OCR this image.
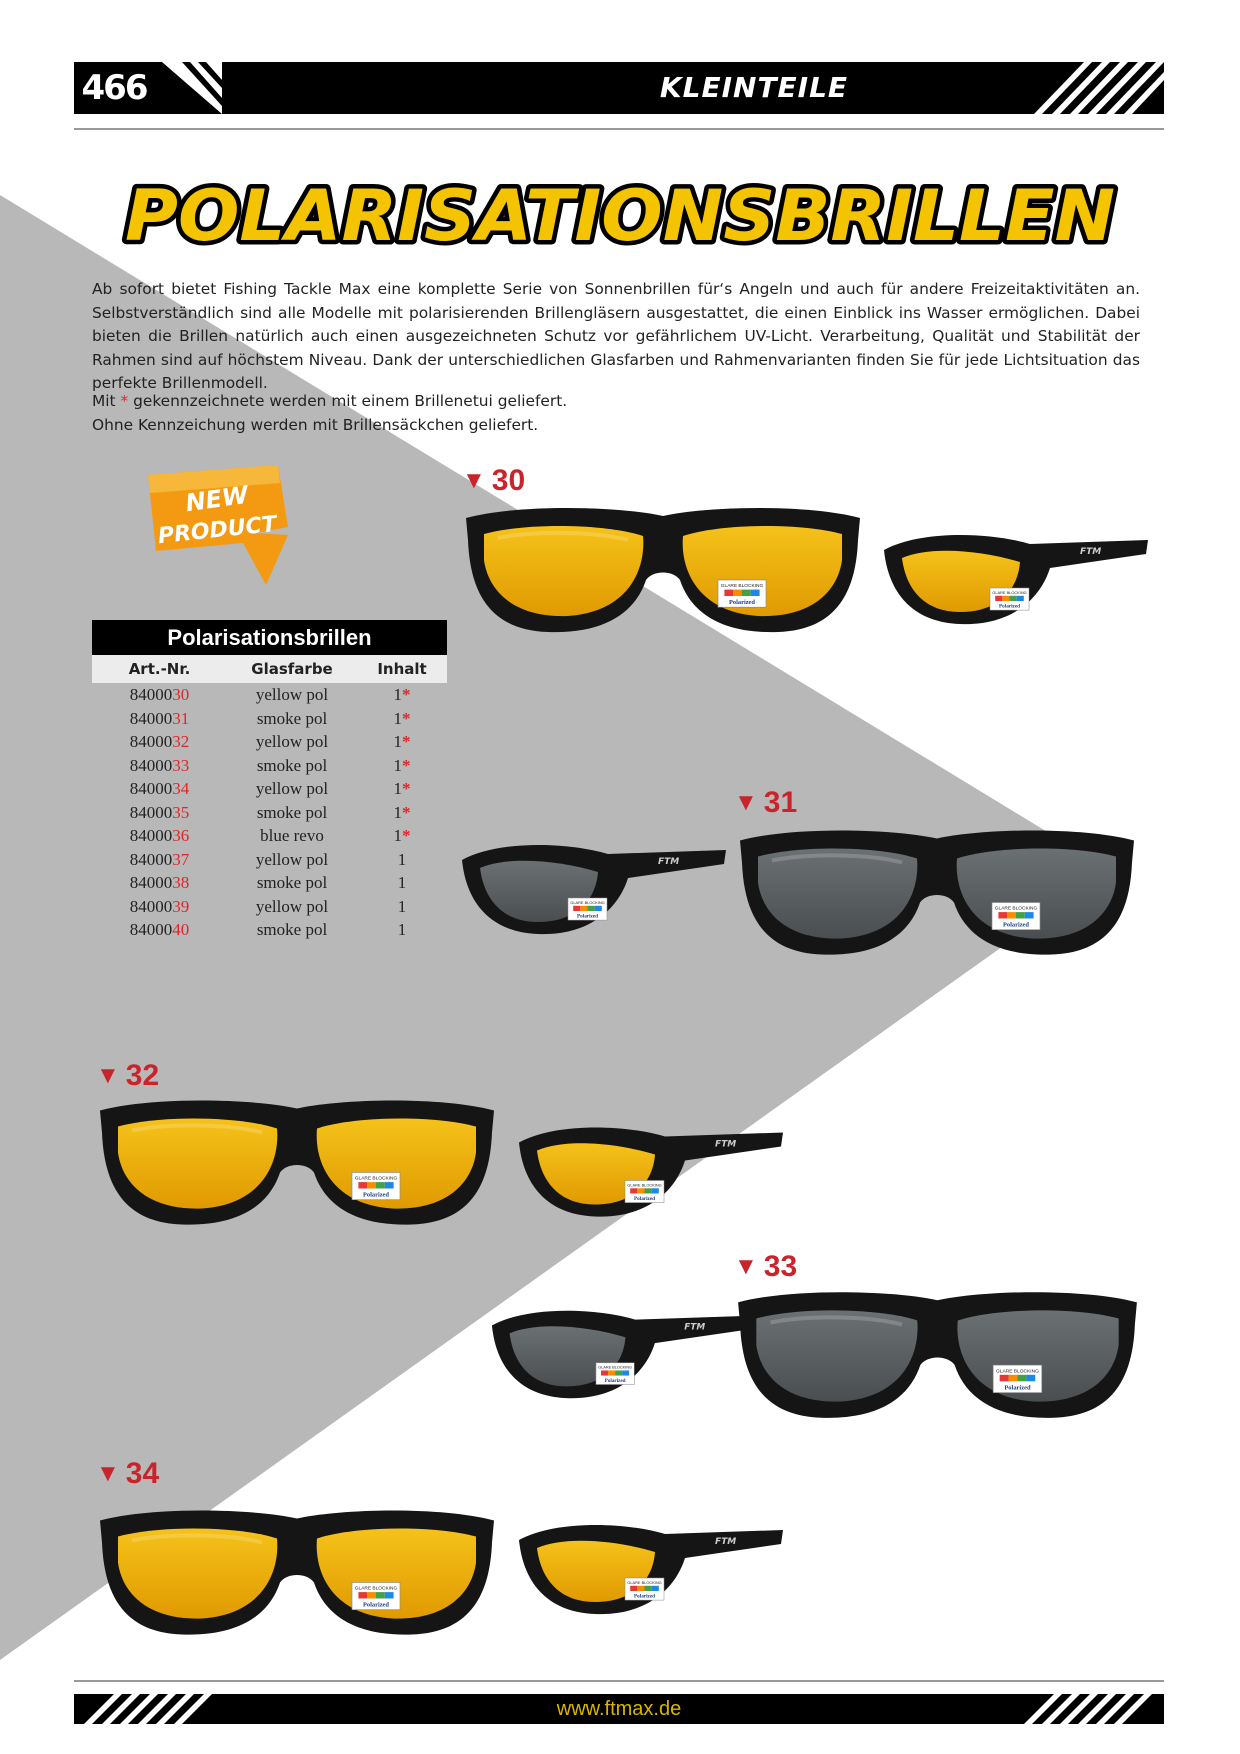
466	KLEINTEILE
POLARISATIONSBRILLEN

Ab sofort bietet Fishing Tackle Max eine komplette Serie von Sonnenbrillen für‘s Angeln und auch für andere Freizeitaktivitäten an. Selbstverständlich sind alle Modelle mit polarisierenden Brillengläsern ausgestattet, die einen Einblick ins Wasser ermöglichen. Dabei bieten die Brillen natürlich auch einen ausgezeichneten Schutz vor gefährlichem UV-Licht. Verarbeitung, Qualität und Stabilität der Rahmen sind auf höchstem Niveau. Dank der unterschiedlichen Glasfarben und Rahmenvarianten finden Sie für jede Lichtsituation das perfekte Brillenmodell.

Mit * gekennzeichnete werden mit einem Brillenetui geliefert.
Ohne Kennzeichung werden mit Brillensäckchen geliefert.

NEW
PRODUCT
Polarisationsbrillen
Art.-Nr.	Glasfarbe	Inhalt
8400030	yellow pol	1*
8400031	smoke pol	1*
8400032	yellow pol	1*
8400033	smoke pol	1*
8400034	yellow pol	1*
8400035	smoke pol	1*
8400036	blue revo	1*
8400037	yellow pol	1
8400038	smoke pol	1
8400039	yellow pol	1
8400040	smoke pol	1
▼ 30
▼ 31
▼ 32
▼ 33
▼ 34
GLARE BLOCKING
Polarized
FTM
GLARE BLOCKING
Polarized
FTM
GLARE BLOCKING
Polarized
GLARE BLOCKING
Polarized
GLARE BLOCKING
Polarized
FTM
GLARE BLOCKING
Polarized
FTM
GLARE BLOCKING
Polarized
GLARE BLOCKING
Polarized
GLARE BLOCKING
Polarized
FTM
GLARE BLOCKING
Polarized
www.ftmax.de
